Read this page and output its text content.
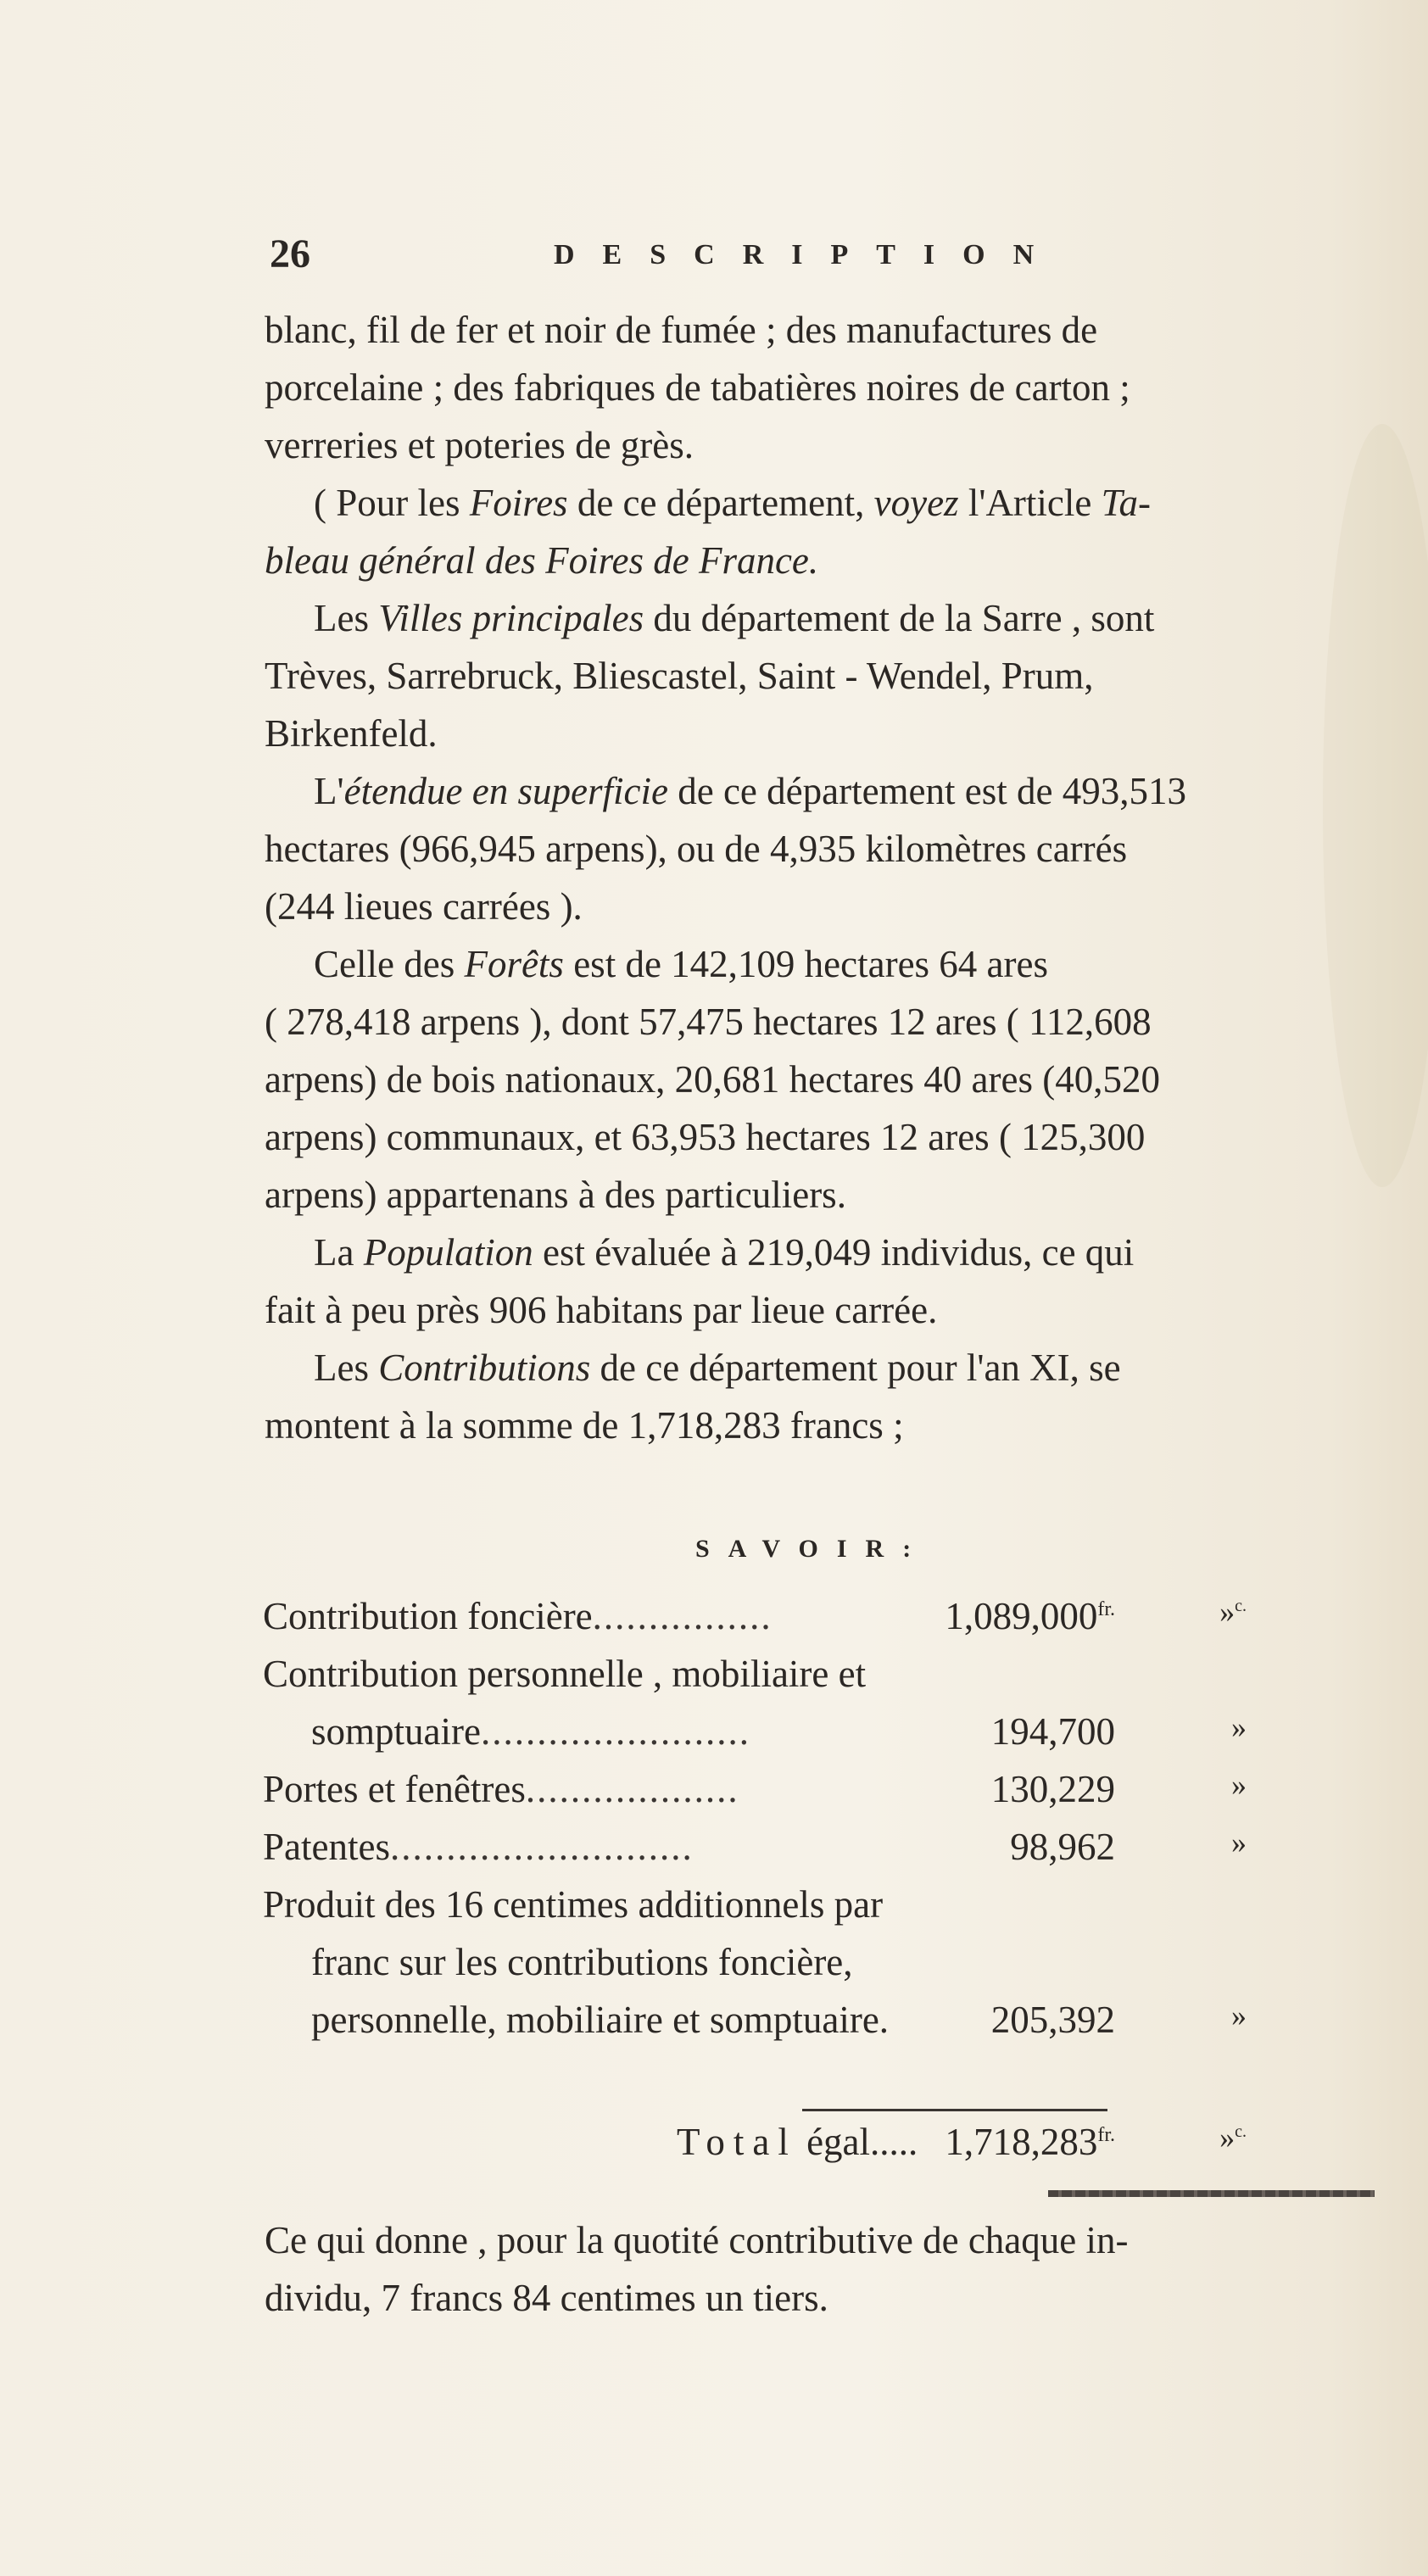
26	DESCRIPTION

blanc, fil de fer et noir de fumée ; des manufactures de
porcelaine ; des fabriques de tabatières noires de carton ;
verreries et poteries de grès.

( Pour les Foires de ce département, voyez l'Article Ta-
bleau général des Foires de France.

Les Villes principales du département de la Sarre , sont
Trèves, Sarrebruck, Bliescastel, Saint - Wendel, Prum,
Birkenfeld.

L'étendue en superficie de ce département est de 493,513
hectares (966,945 arpens), ou de 4,935 kilomètres carrés
(244 lieues carrées ).

Celle des Forêts est de 142,109 hectares 64 ares
( 278,418 arpens ), dont 57,475 hectares 12 ares ( 112,608
arpens) de bois nationaux, 20,681 hectares 40 ares (40,520
arpens) communaux, et 63,953 hectares 12 ares ( 125,300
arpens) appartenans à des particuliers.

La Population est évaluée à 219,049 individus, ce qui
fait à peu près 906 habitans par lieue carrée.

Les Contributions de ce département pour l'an XI, se
montent à la somme de 1,718,283 francs ;

SAVOIR:
Contribution foncière................	$1,089,000^{fr.}$	»$^{c.}$
Contribution personnelle , mobiliaire et
somptuaire........................	194,700	»
Portes et fenêtres...................	130,229	»
Patentes...........................	98,962	»
Produit des 16 centimes additionnels par
franc sur les contributions foncière,
personnelle, mobiliaire et somptuaire.	205,392	»
Total égal..... $1,718,283^{fr.}$	»$^{c.}$

Ce qui donne , pour la quotité contributive de chaque in-
dividu, 7 francs 84 centimes un tiers.
